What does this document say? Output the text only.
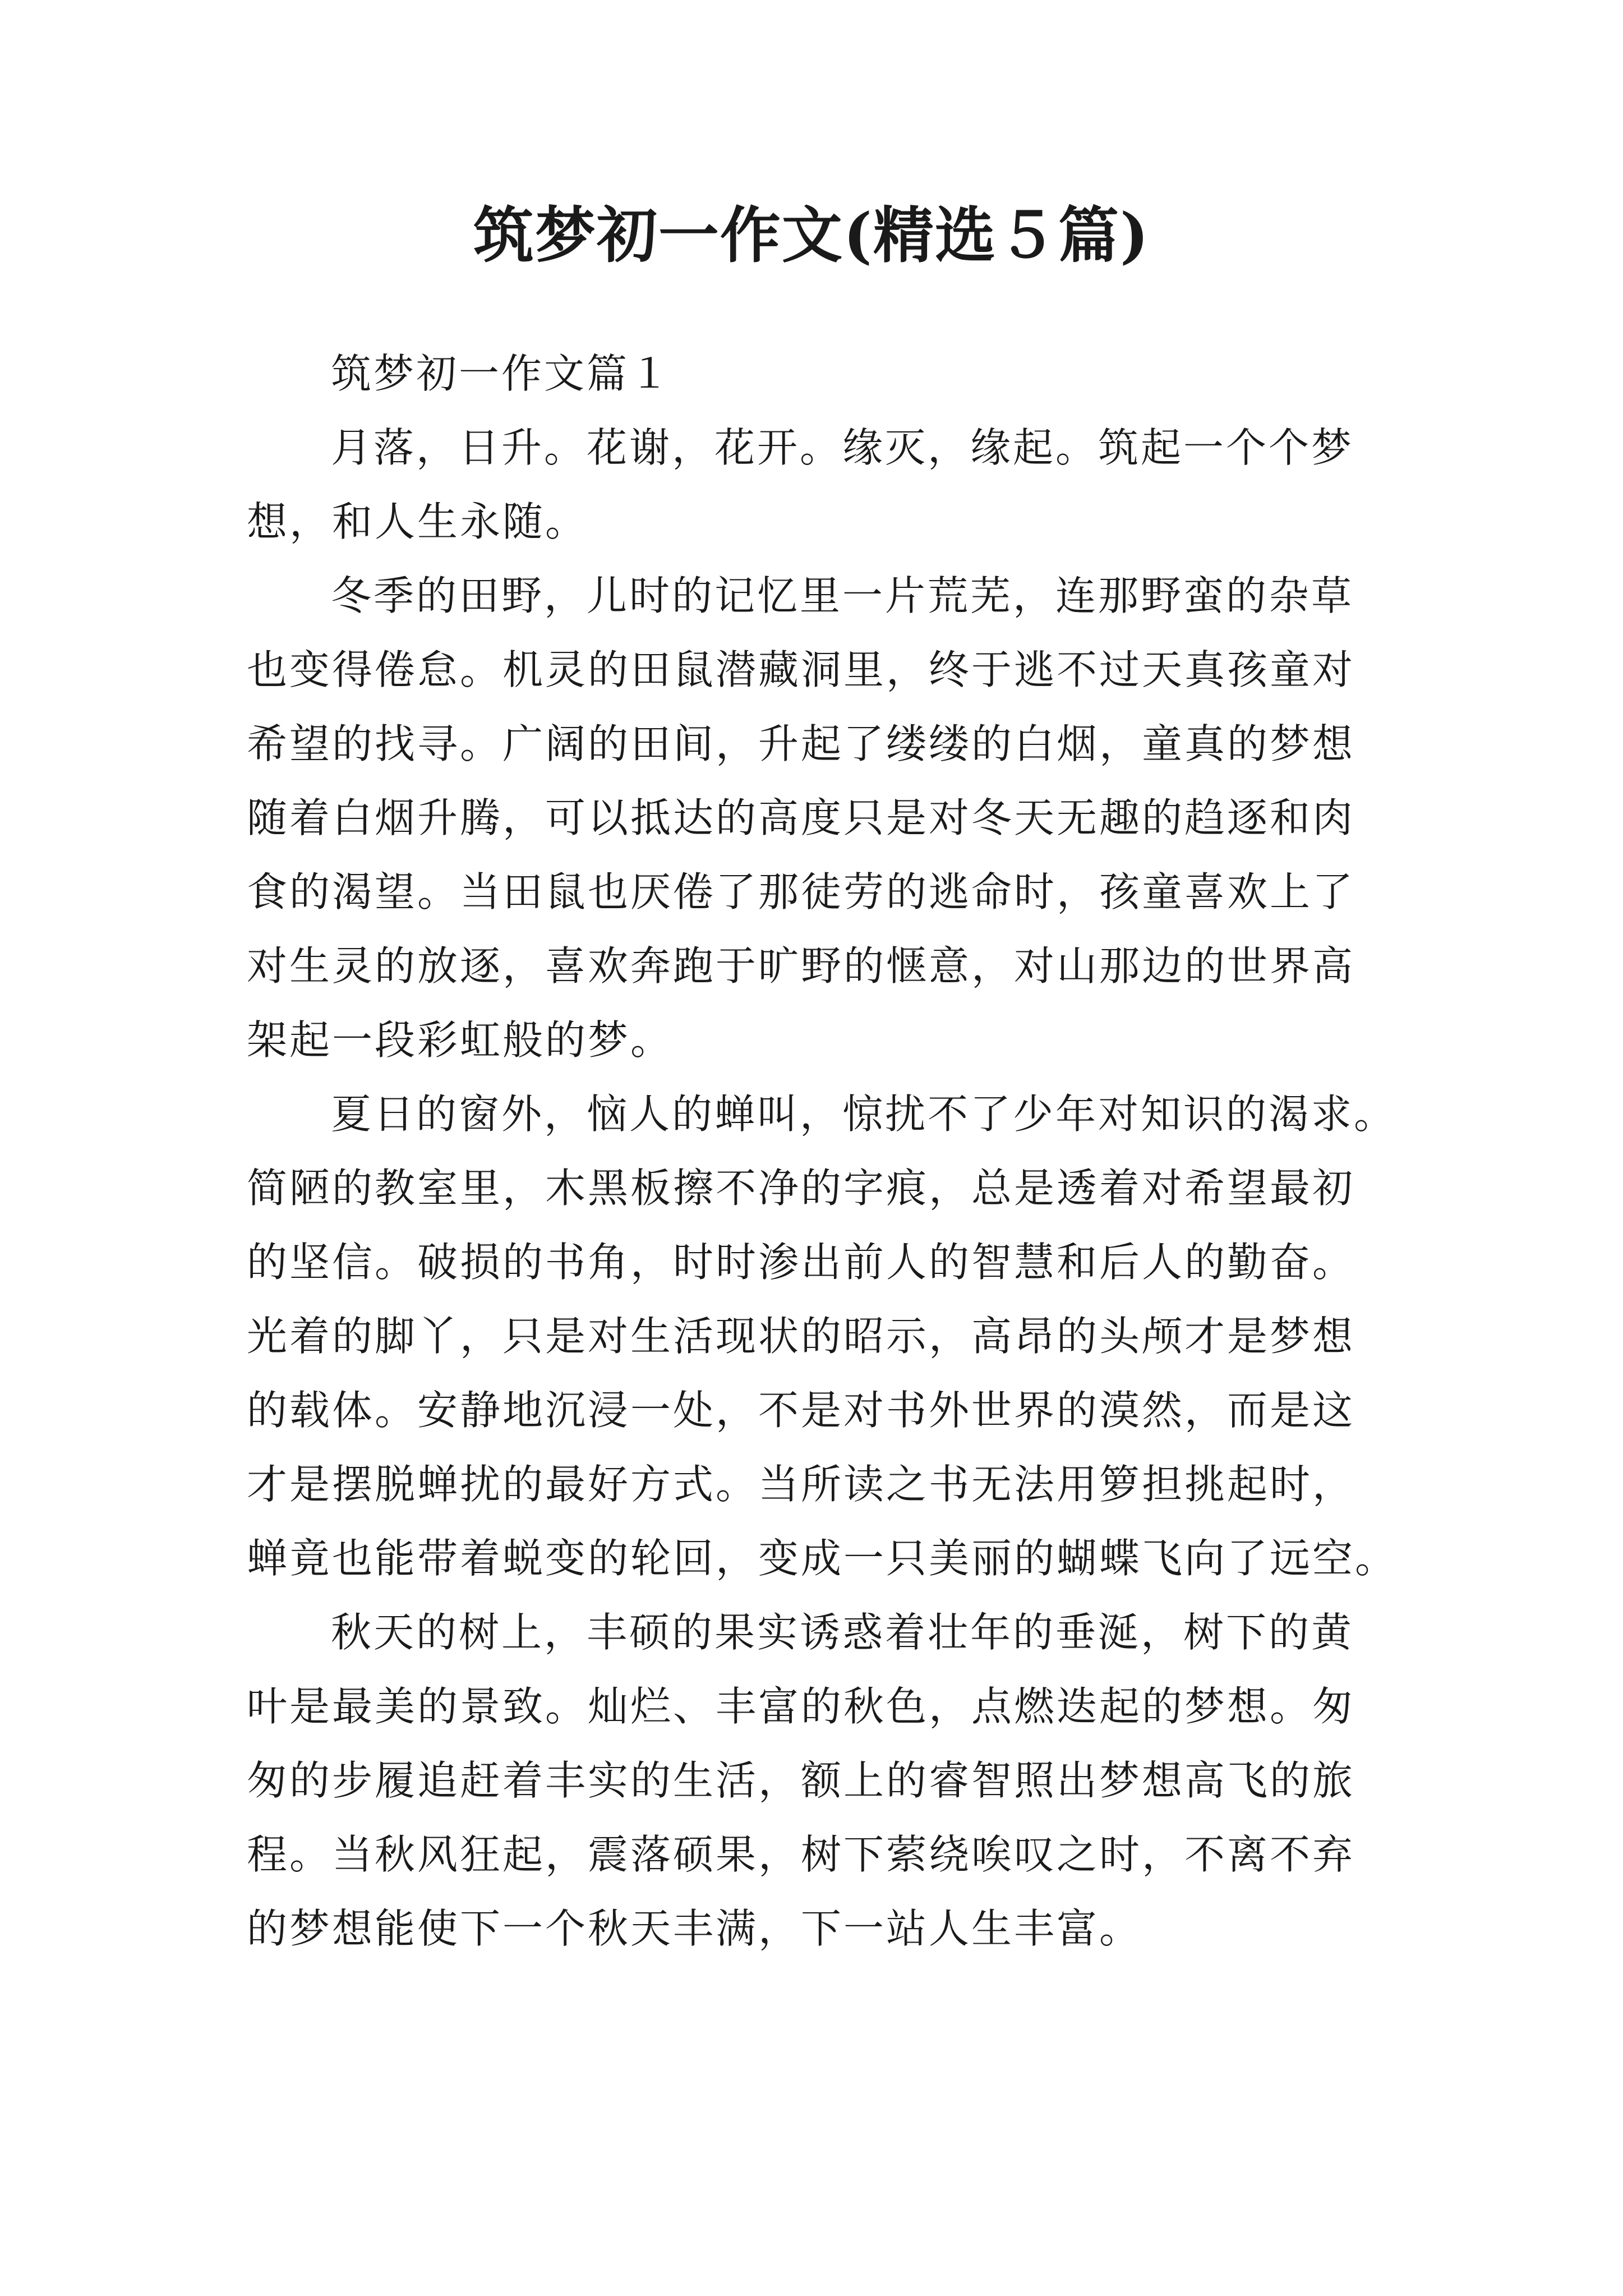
筑梦初一作文(精选５篇)
筑梦初一作文篇１
月落，日升。花谢，花开。缘灭，缘起。筑起一个个梦
想，和人生永随。
冬季的田野，儿时的记忆里一片荒芜，连那野蛮的杂草
也变得倦怠。机灵的田鼠潜藏洞里，终于逃不过天真孩童对
希望的找寻。广阔的田间，升起了缕缕的白烟，童真的梦想
随着白烟升腾，可以抵达的高度只是对冬天无趣的趋逐和肉
食的渴望。当田鼠也厌倦了那徒劳的逃命时，孩童喜欢上了
对生灵的放逐，喜欢奔跑于旷野的惬意，对山那边的世界高
架起一段彩虹般的梦。
夏日的窗外，恼人的蝉叫，惊扰不了少年对知识的渴求。
简陋的教室里，木黑板擦不净的字痕，总是透着对希望最初
的坚信。破损的书角，时时渗出前人的智慧和后人的勤奋。
光着的脚丫，只是对生活现状的昭示，高昂的头颅才是梦想
的载体。安静地沉浸一处，不是对书外世界的漠然，而是这
才是摆脱蝉扰的最好方式。当所读之书无法用箩担挑起时，
蝉竟也能带着蜕变的轮回，变成一只美丽的蝴蝶飞向了远空。
秋天的树上，丰硕的果实诱惑着壮年的垂涎，树下的黄
叶是最美的景致。灿烂、丰富的秋色，点燃迭起的梦想。匆
匆的步履追赶着丰实的生活，额上的睿智照出梦想高飞的旅
程。当秋风狂起，震落硕果，树下萦绕唉叹之时，不离不弃
的梦想能使下一个秋天丰满，下一站人生丰富。
